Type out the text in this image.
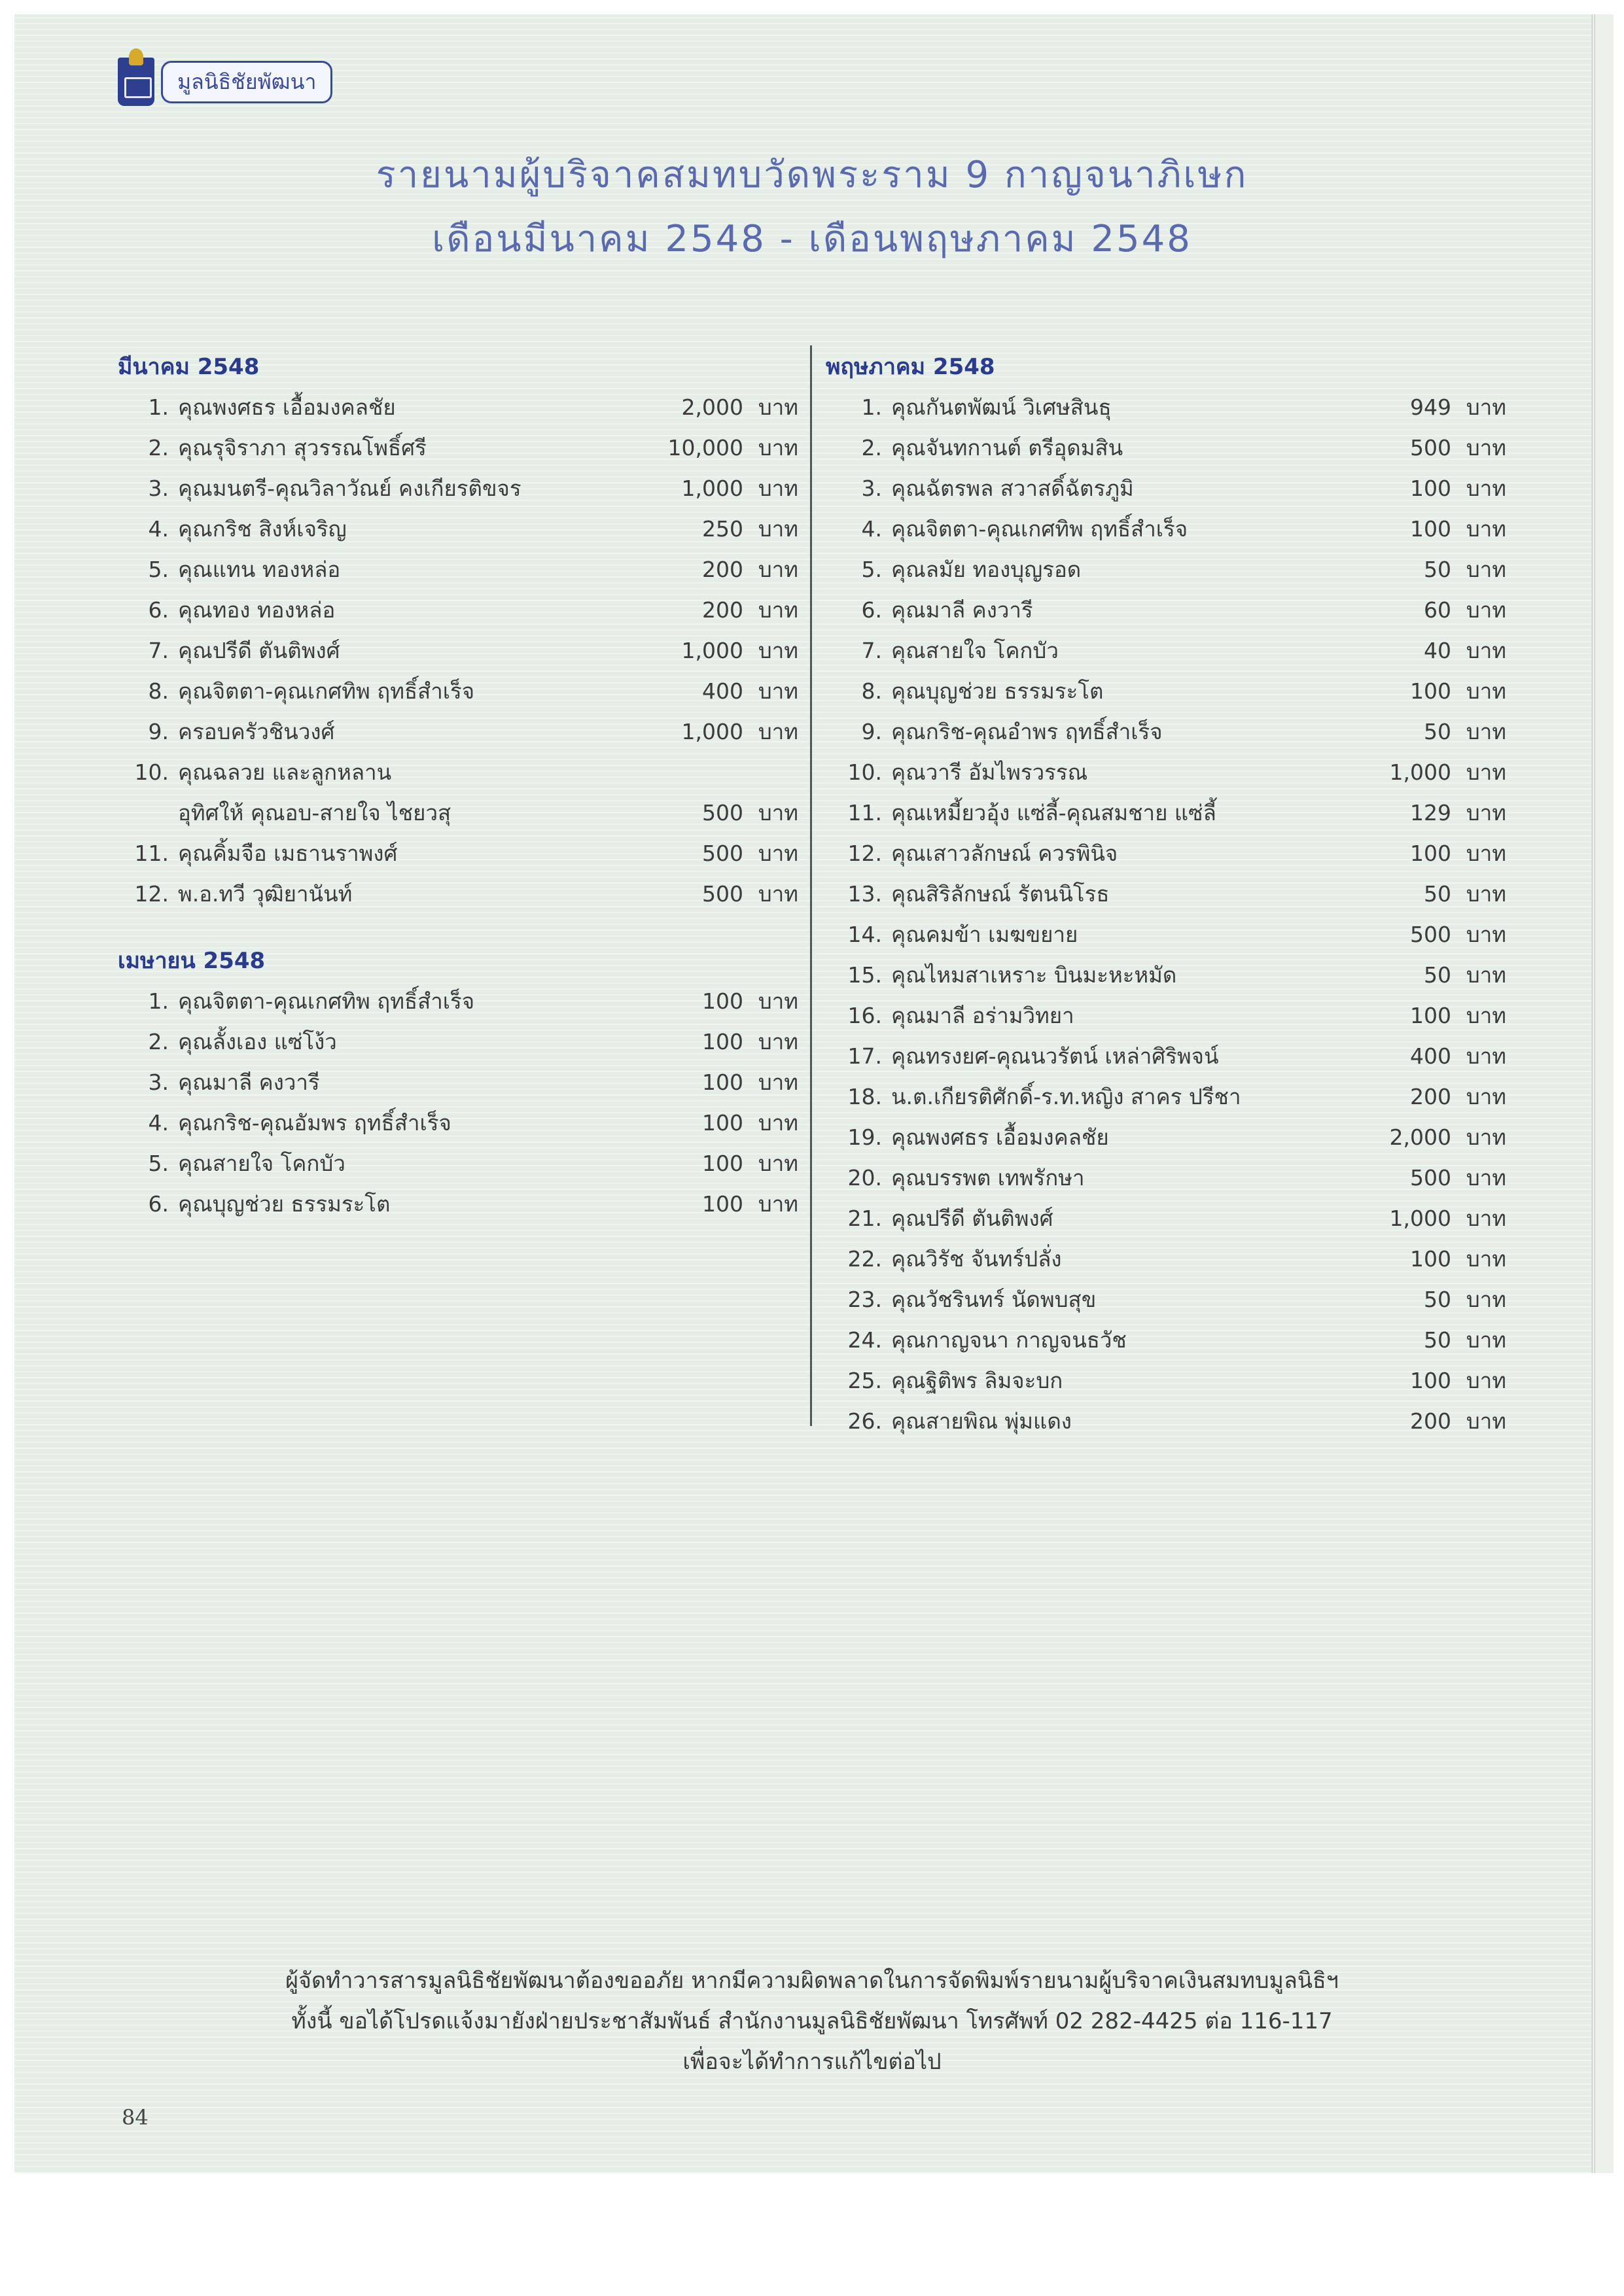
มูลนิธิชัยพัฒนา
รายนามผู้บริจาคสมทบวัดพระราม 9 กาญจนาภิเษก
เดือนมีนาคม 2548 - เดือนพฤษภาคม 2548
มีนาคม 2548
1. คุณพงศธร เอื้อมงคลชัย	2,000 บาท
2. คุณรุจิราภา สุวรรณโพธิ์ศรี	10,000 บาท
3. คุณมนตรี-คุณวิลาวัณย์ คงเกียรติขจร	1,000 บาท
4. คุณกริช สิงห์เจริญ	250 บาท
5. คุณแทน ทองหล่อ	200 บาท
6. คุณทอง ทองหล่อ	200 บาท
7. คุณปรีดี ตันติพงศ์	1,000 บาท
8. คุณจิตตา-คุณเกศทิพ ฤทธิ์สำเร็จ	400 บาท
9. ครอบครัวชินวงศ์	1,000 บาท
10. คุณฉลวย และลูกหลาน
อุทิศให้ คุณอบ-สายใจ ไชยวสุ	500 บาท
11. คุณคิ้มจือ เมธานราพงศ์	500 บาท
12. พ.อ.ทวี วุฒิยานันท์	500 บาท
เมษายน 2548
1. คุณจิตตา-คุณเกศทิพ ฤทธิ์สำเร็จ	100 บาท
2. คุณลั้งเอง แซ่โง้ว	100 บาท
3. คุณมาลี คงวารี	100 บาท
4. คุณกริช-คุณอัมพร ฤทธิ์สำเร็จ	100 บาท
5. คุณสายใจ โคกบัว	100 บาท
6. คุณบุญช่วย ธรรมระโต	100 บาท
พฤษภาคม 2548
1. คุณกันตพัฒน์ วิเศษสินธุ	949 บาท
2. คุณจันทกานต์ ตรีอุดมสิน	500 บาท
3. คุณฉัตรพล สวาสดิ์ฉัตรภูมิ	100 บาท
4. คุณจิตตา-คุณเกศทิพ ฤทธิ์สำเร็จ	100 บาท
5. คุณลมัย ทองบุญรอด	50 บาท
6. คุณมาลี คงวารี	60 บาท
7. คุณสายใจ โคกบัว	40 บาท
8. คุณบุญช่วย ธรรมระโต	100 บาท
9. คุณกริช-คุณอำพร ฤทธิ์สำเร็จ	50 บาท
10. คุณวารี อัมไพรวรรณ	1,000 บาท
11. คุณเหมี้ยวอุ้ง แซ่ลี้-คุณสมชาย แซ่ลี้	129 บาท
12. คุณเสาวลักษณ์ ควรพินิจ	100 บาท
13. คุณสิริลักษณ์ รัตนนิโรธ	50 บาท
14. คุณคมข้า เมฆขยาย	500 บาท
15. คุณไหมสาเหราะ บินมะหะหมัด	50 บาท
16. คุณมาลี อร่ามวิทยา	100 บาท
17. คุณทรงยศ-คุณนวรัตน์ เหล่าศิริพจน์	400 บาท
18. น.ต.เกียรติศักดิ์-ร.ท.หญิง สาคร ปรีชา	200 บาท
19. คุณพงศธร เอื้อมงคลชัย	2,000 บาท
20. คุณบรรพต เทพรักษา	500 บาท
21. คุณปรีดี ตันติพงศ์	1,000 บาท
22. คุณวิรัช จันทร์ปลั่ง	100 บาท
23. คุณวัชรินทร์ นัดพบสุข	50 บาท
24. คุณกาญจนา กาญจนธวัช	50 บาท
25. คุณฐิติพร ลิมจะบก	100 บาท
26. คุณสายพิณ พุ่มแดง	200 บาท
ผู้จัดทำวารสารมูลนิธิชัยพัฒนาต้องขออภัย หากมีความผิดพลาดในการจัดพิมพ์รายนามผู้บริจาคเงินสมทบมูลนิธิฯ
ทั้งนี้ ขอได้โปรดแจ้งมายังฝ่ายประชาสัมพันธ์ สำนักงานมูลนิธิชัยพัฒนา โทรศัพท์ 02 282-4425 ต่อ 116-117
เพื่อจะได้ทำการแก้ไขต่อไป
84
